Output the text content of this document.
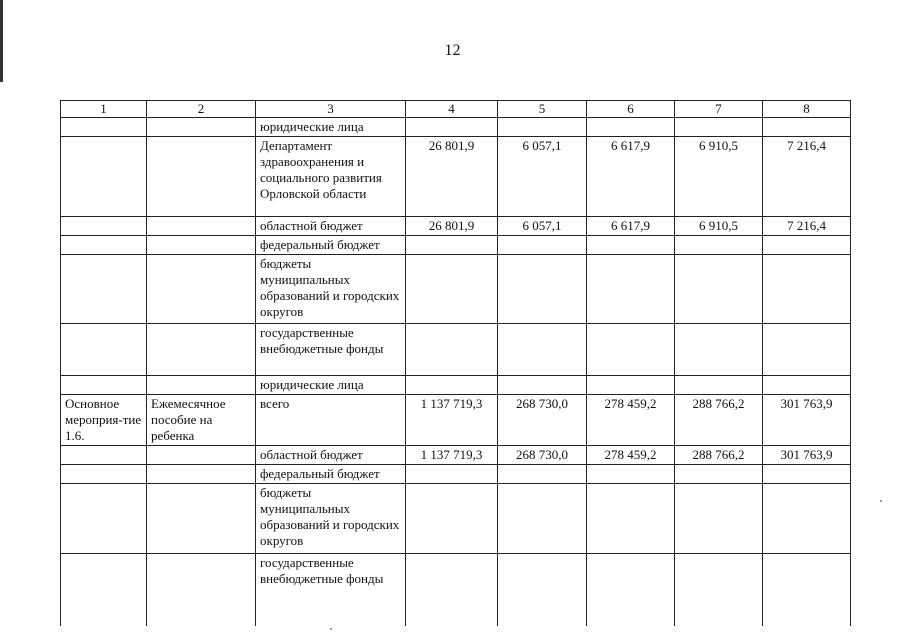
12
1	2	3	4	5	6	7	8
		юридические лица					
		Департамент здравоохранения и социального развития Орловской области	26 801,9	6 057,1	6 617,9	6 910,5	7 216,4
		областной бюджет	26 801,9	6 057,1	6 617,9	6 910,5	7 216,4
		федеральный бюджет					
		бюджеты муниципальных образований и городских округов					
		государственные внебюджетные фонды					
		юридические лица					
Основное мероприя-тие 1.6.	Ежемесячное пособие на ребенка	всего	1 137 719,3	268 730,0	278 459,2	288 766,2	301 763,9
		областной бюджет	1 137 719,3	268 730,0	278 459,2	288 766,2	301 763,9
		федеральный бюджет					
		бюджеты муниципальных образований и городских округов					
		государственные внебюджетные фонды					
